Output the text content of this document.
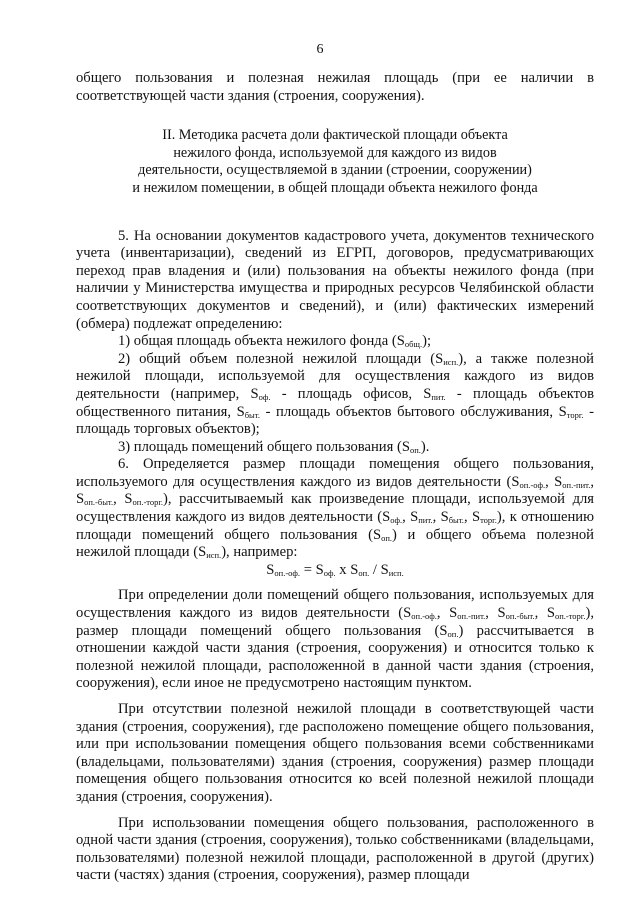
6

общего пользования и полезная нежилая площадь (при ее наличии в соответствующей части здания (строения, сооружения).

II. Методика расчета доли фактической площади объекта
нежилого фонда, используемой для каждого из видов
деятельности, осуществляемой в здании (строении, сооружении)
и нежилом помещении, в общей площади объекта нежилого фонда

5. На основании документов кадастрового учета, документов технического учета (инвентаризации), сведений из ЕГРП, договоров, предусматривающих переход прав владения и (или) пользования на объекты нежилого фонда (при наличии у Министерства имущества и природных ресурсов Челябинской области соответствующих документов и сведений), и (или) фактических измерений (обмера) подлежат определению:

1) общая площадь объекта нежилого фонда $(S_{общ.})$;

2) общий объем полезной нежилой площади $(S_{исп.})$, а также полезной нежилой площади, используемой для осуществления каждого из видов деятельности (например, $S_{оф.}$ - площадь офисов, $S_{пит.}$ - площадь объектов общественного питания, $S_{быт.}$ - площадь объектов бытового обслуживания, $S_{торг.}$ - площадь торговых объектов);

3) площадь помещений общего пользования $(S_{оп.})$.

6. Определяется размер площади помещения общего пользования, используемого для осуществления каждого из видов деятельности ($S_{оп.-оф.}$, $S_{оп.-пит.}$, $S_{оп.-быт.}$, $S_{оп.-торг.}$), рассчитываемый как произведение площади, используемой для осуществления каждого из видов деятельности ($S_{оф.}$, $S_{пит.}$, $S_{быт.}$, $S_{торг.}$), к отношению площади помещений общего пользования $(S_{оп.})$ и общего объема полезной нежилой площади $(S_{исп.})$, например:

$S_{оп.-оф.} = S_{оф.}$ x $S_{оп.} / S_{исп.}$

При определении доли помещений общего пользования, используемых для осуществления каждого из видов деятельности ($S_{оп.-оф.}$, $S_{оп.-пит.}$, $S_{оп.-быт.}$, $S_{оп.-торг.}$), размер площади помещений общего пользования $(S_{оп.})$ рассчитывается в отношении каждой части здания (строения, сооружения) и относится только к полезной нежилой площади, расположенной в данной части здания (строения, сооружения), если иное не предусмотрено настоящим пунктом.

При отсутствии полезной нежилой площади в соответствующей части здания (строения, сооружения), где расположено помещение общего пользования, или при использовании помещения общего пользования всеми собственниками (владельцами, пользователями) здания (строения, сооружения) размер площади помещения общего пользования относится ко всей полезной нежилой площади здания (строения, сооружения).

При использовании помещения общего пользования, расположенного в одной части здания (строения, сооружения), только собственниками (владельцами, пользователями) полезной нежилой площади, расположенной в другой (других) части (частях) здания (строения, сооружения), размер площади
